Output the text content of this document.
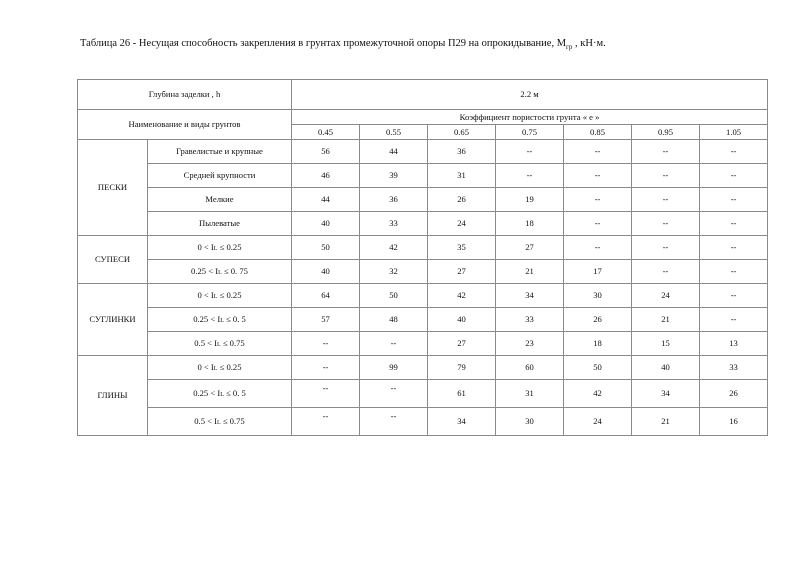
Таблица 26 - Несущая способность закрепления в грунтах промежуточной опоры П29 на опрокидывание, $М_{гр}$ , кН·м.
Глубина заделки , h		2.2 м						
Наименование и виды грунтов		Коэффициент пористости грунта « е »						
		0.45	0.55	0.65	0.75	0.85	0.95	1.05
ПЕСКИ	Гравелистые и крупные	56	44	36	--	--	--	--
	Средней крупности	46	39	31	--	--	--	--
	Мелкие	44	36	26	19	--	--	--
	Пылеватые	40	33	24	18	--	--	--
СУПЕСИ	0 < IL ≤ 0.25	50	42	35	27	--	--	--
	0.25 < IL ≤ 0. 75	40	32	27	21	17	--	--
СУГЛИНКИ	0 < IL ≤ 0.25	64	50	42	34	30	24	--
	0.25 < IL ≤ 0. 5	57	48	40	33	26	21	--
	0.5 < IL ≤ 0.75	--	--	27	23	18	15	13
ГЛИНЫ	0 < IL ≤ 0.25	--	99	79	60	50	40	33
	0.25 < IL ≤ 0. 5	--	--	61	31	42	34	26
	0.5 < IL ≤ 0.75	--	--	34	30	24	21	16
